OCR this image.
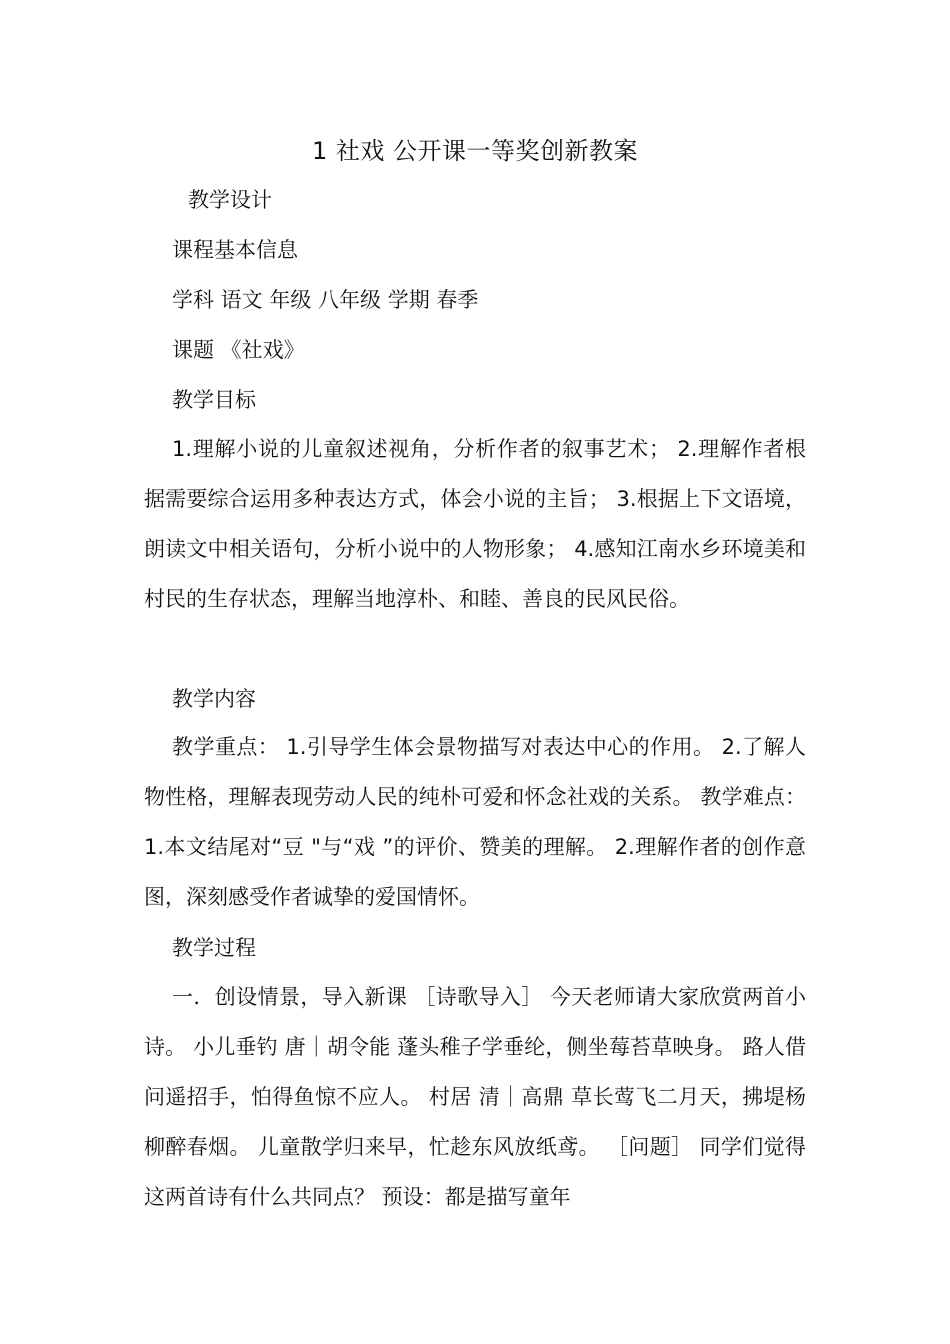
1 社戏 公开课一等奖创新教案

教学设计

课程基本信息

学科 语文 年级 八年级 学期 春季

课题 《社戏》

教学目标

1.理解小说的儿童叙述视角，分析作者的叙事艺术； 2.理解作者根据需要综合运用多种表达方式，体会小说的主旨； 3.根据上下文语境，朗读文中相关语句，分析小说中的人物形象； 4.感知江南水乡环境美和村民的生存状态，理解当地淳朴、和睦、善良的民风民俗。

教学内容

教学重点： 1.引导学生体会景物描写对表达中心的作用。 2.了解人物性格，理解表现劳动人民的纯朴可爱和怀念社戏的关系。 教学难点： 1.本文结尾对“豆 "与“戏 ”的评价、赞美的理解。 2.理解作者的创作意图，深刻感受作者诚挚的爱国情怀。

教学过程

一．创设情景，导入新课 ［诗歌导入］ 今天老师请大家欣赏两首小诗。 小儿垂钓 唐｜胡令能 蓬头稚子学垂纶，侧坐莓苔草映身。 路人借问遥招手，怕得鱼惊不应人。 村居 清｜高鼎 草长莺飞二月天，拂堤杨柳醉春烟。 儿童散学归来早，忙趁东风放纸鸢。 ［问题］ 同学们觉得这两首诗有什么共同点？ 预设：都是描写童年
